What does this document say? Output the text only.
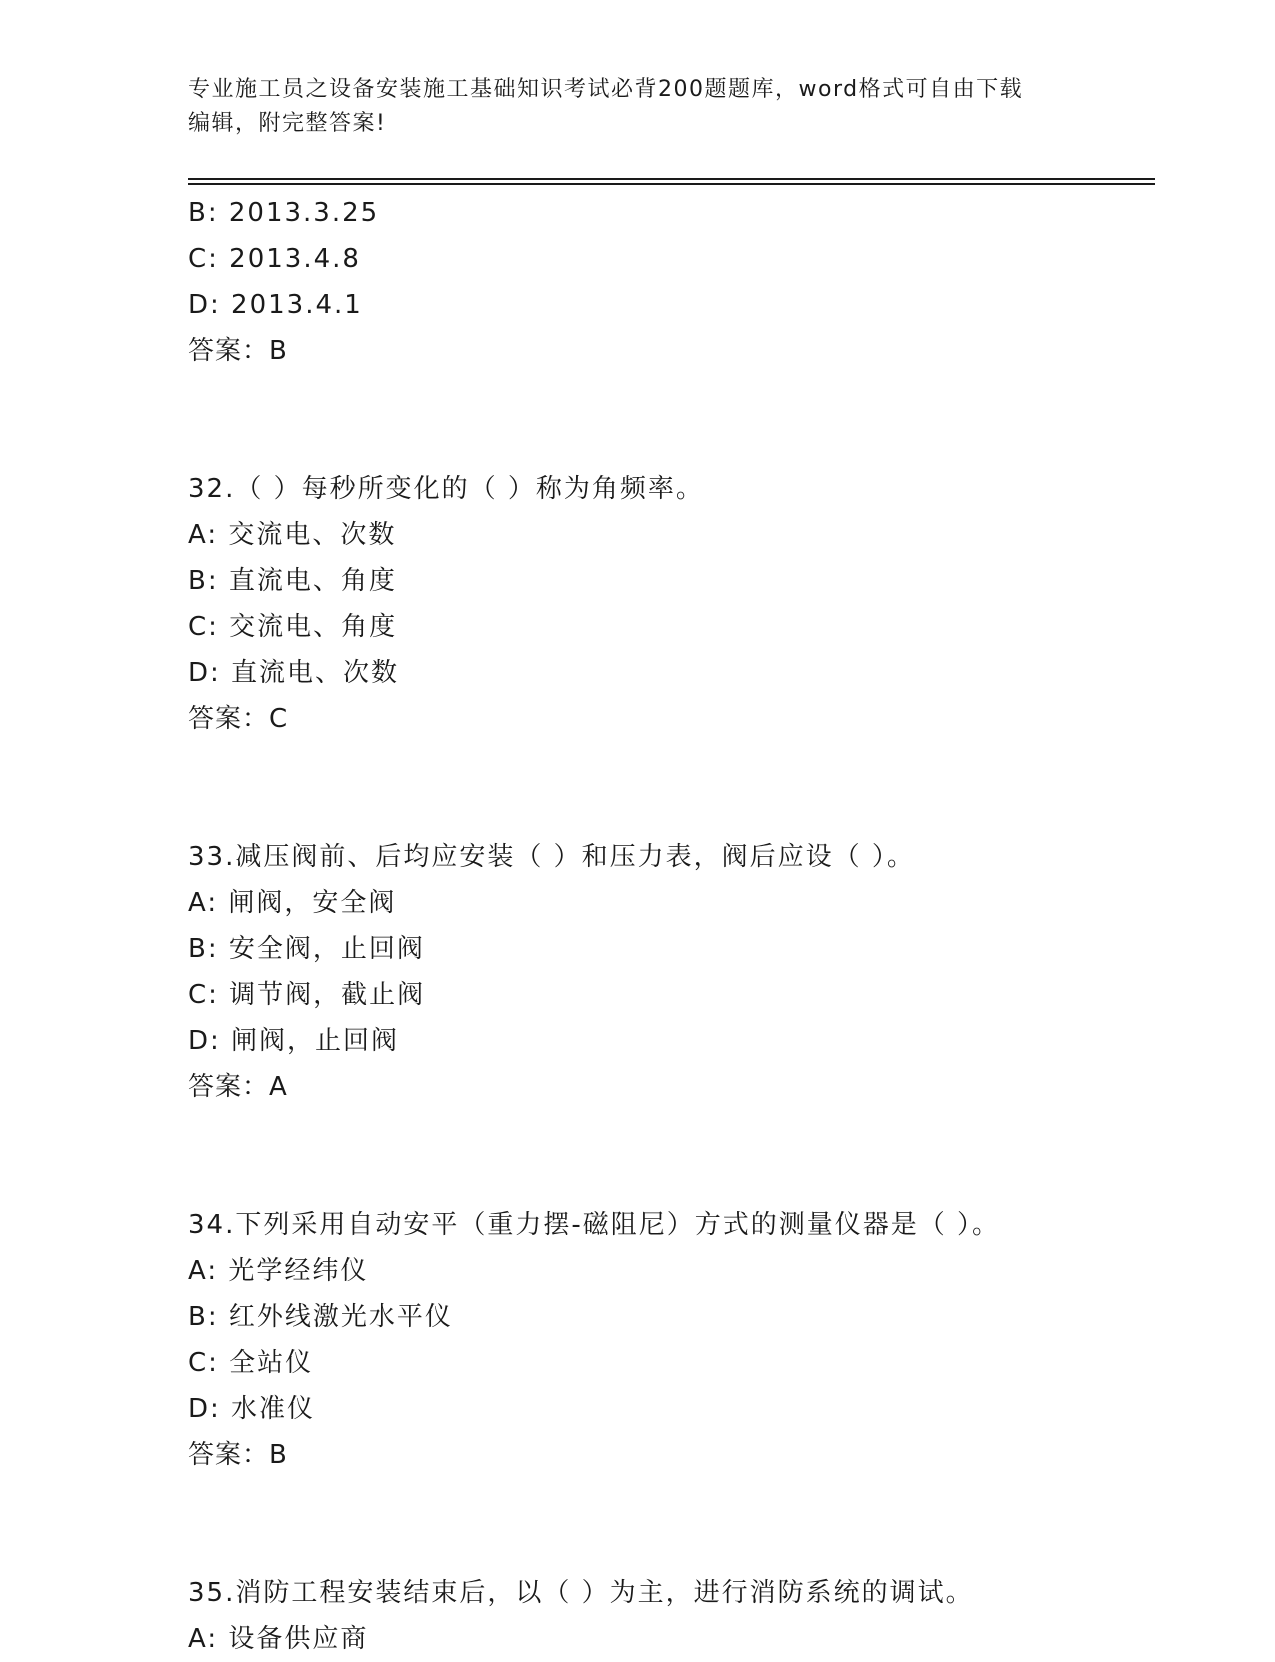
专业施工员之设备安装施工基础知识考试必背200题题库，word格式可自由下载
编辑，附完整答案!
B: 2013.3.25
C: 2013.4.8
D: 2013.4.1
答案：B
32.（ ）每秒所变化的（ ）称为角频率。
A: 交流电、次数
B: 直流电、角度
C: 交流电、角度
D: 直流电、次数
答案：C
33.减压阀前、后均应安装（ ）和压力表，阀后应设（ ）。
A: 闸阀，安全阀
B: 安全阀，止回阀
C: 调节阀，截止阀
D: 闸阀，止回阀
答案：A
34.下列采用自动安平（重力摆-磁阻尼）方式的测量仪器是（ ）。
A: 光学经纬仪
B: 红外线激光水平仪
C: 全站仪
D: 水准仪
答案：B
35.消防工程安装结束后，以（ ）为主，进行消防系统的调试。
A: 设备供应商
